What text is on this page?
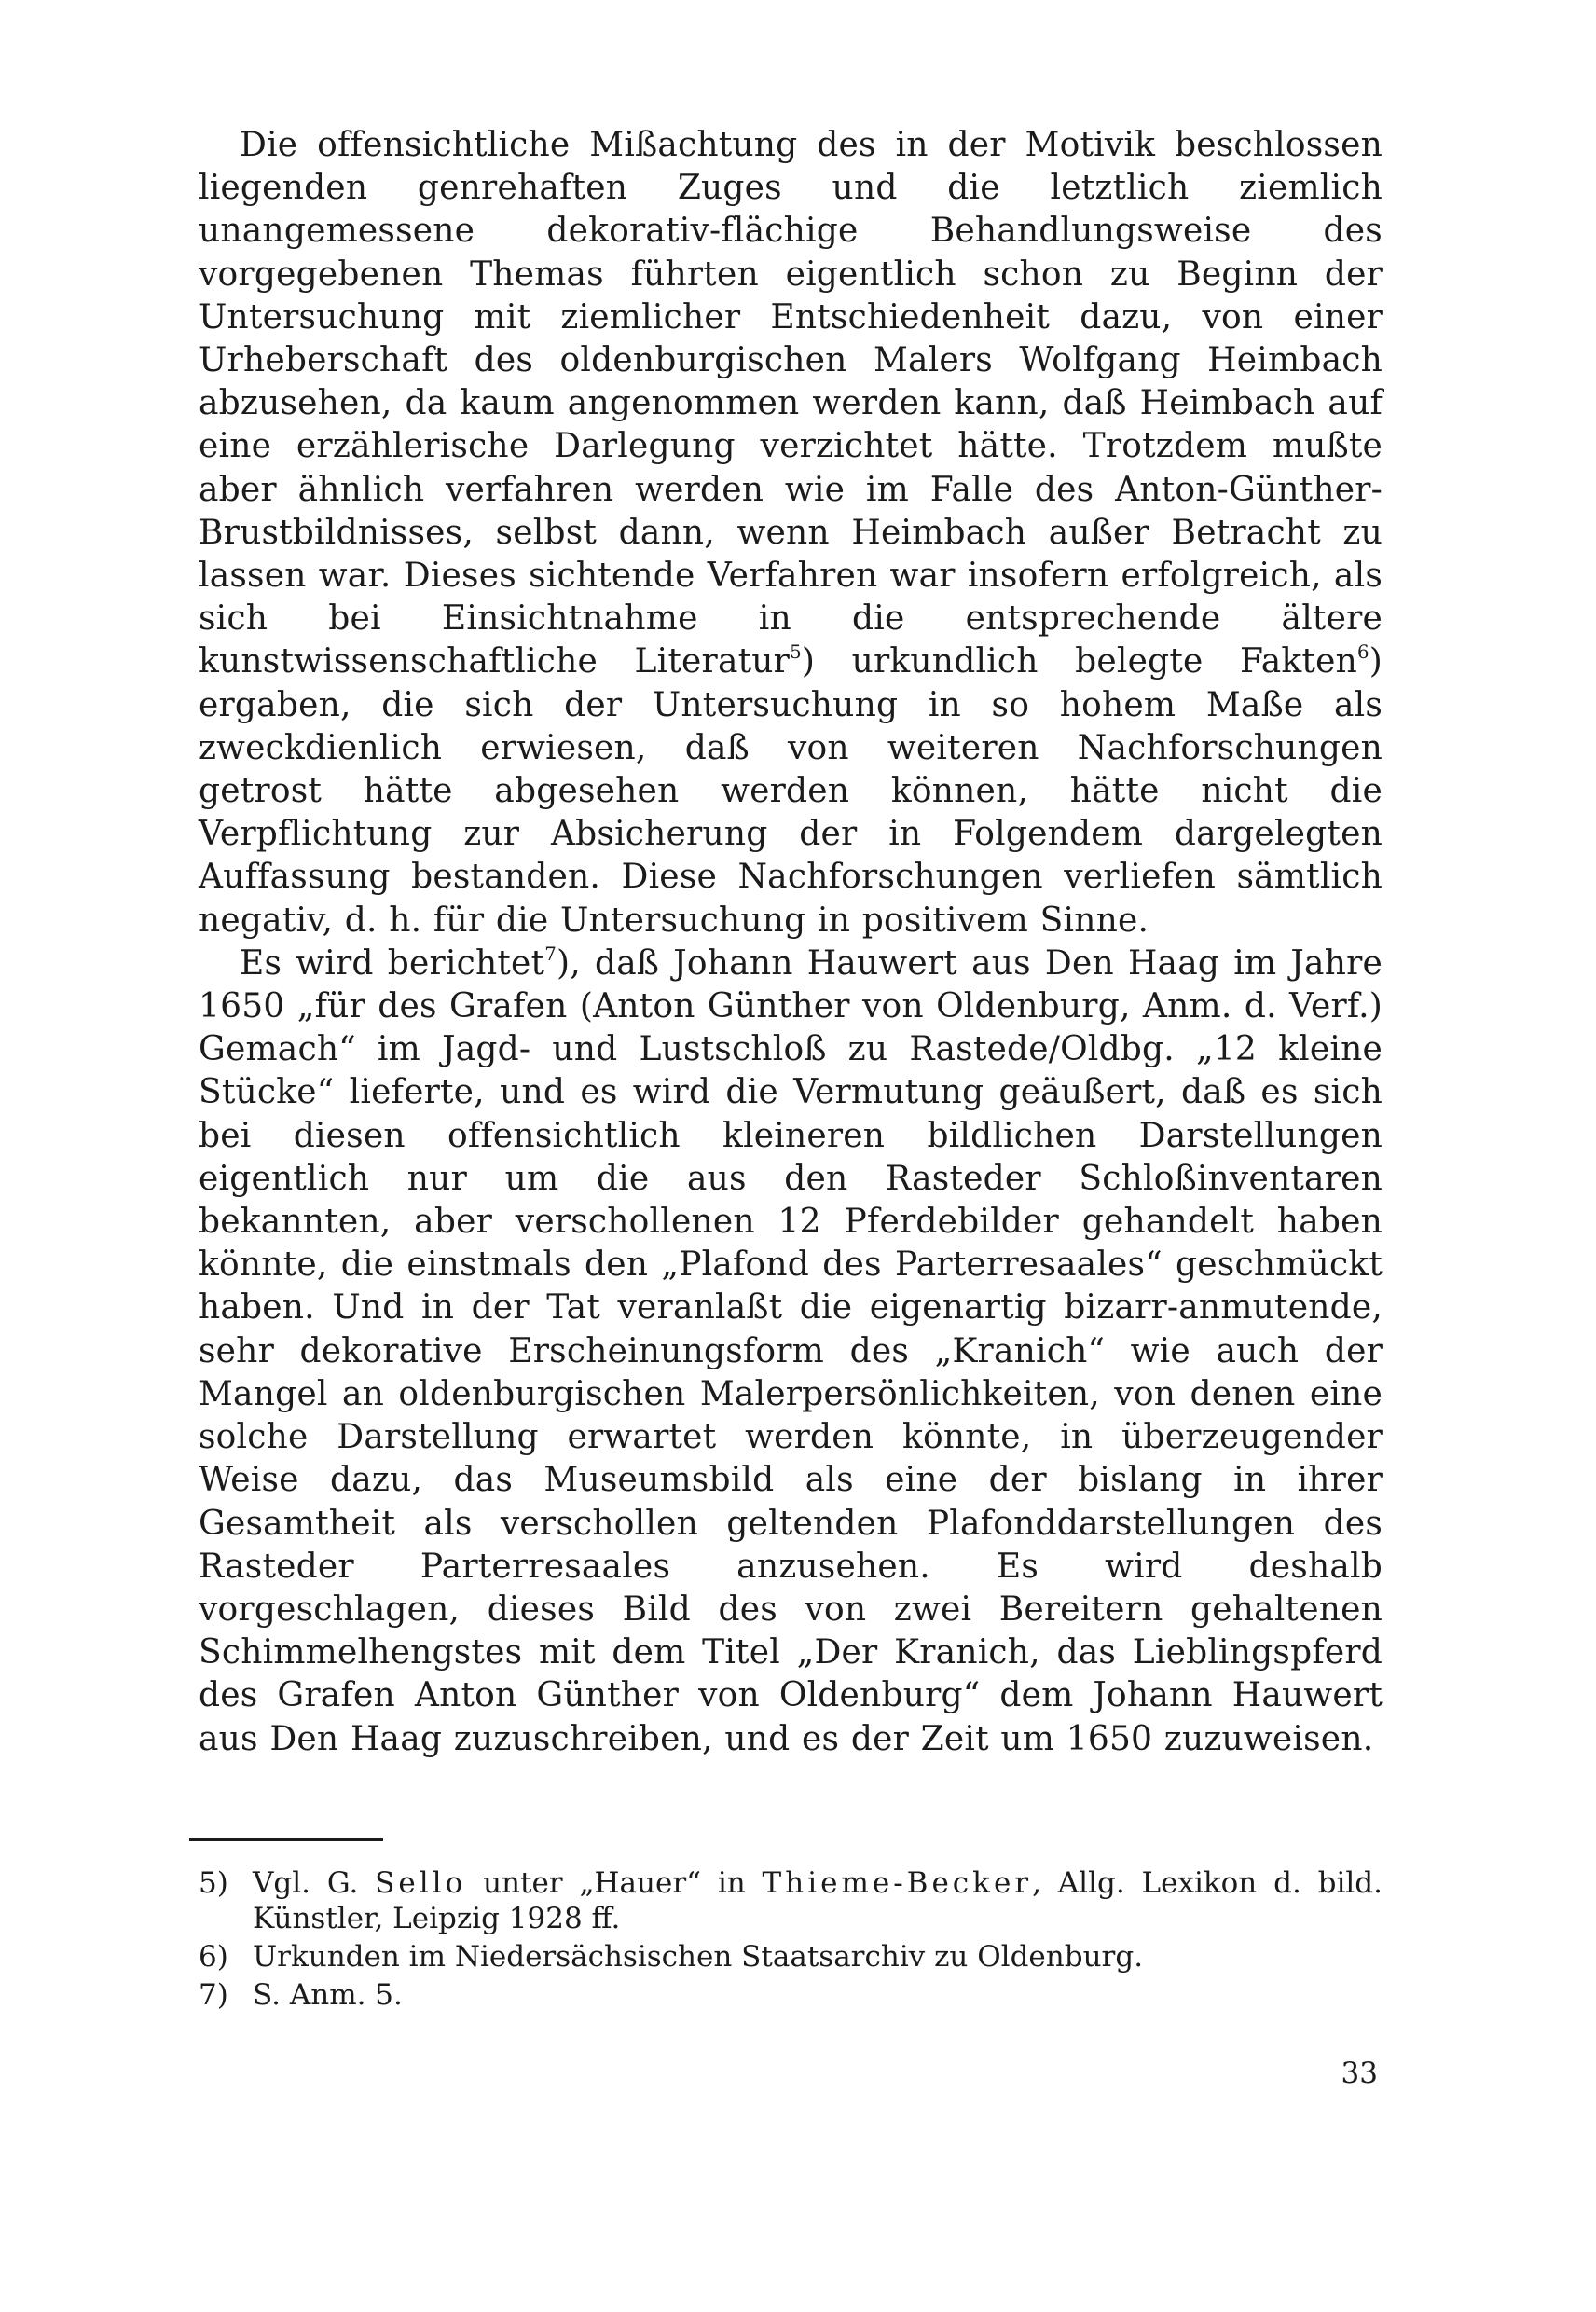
Die offensichtliche Mißachtung des in der Motivik beschlossen liegenden genrehaften Zuges und die letztlich ziemlich unangemessene dekorativ-flächige Behandlungsweise des vorgegebenen Themas führten eigentlich schon zu Beginn der Untersuchung mit ziemlicher Entschiedenheit dazu, von einer Urheberschaft des oldenburgischen Malers Wolfgang Heimbach abzusehen, da kaum angenommen werden kann, daß Heimbach auf eine erzählerische Darlegung verzichtet hätte. Trotzdem mußte aber ähnlich verfahren werden wie im Falle des Anton-Günther-Brustbildnisses, selbst dann, wenn Heimbach außer Betracht zu lassen war. Dieses sichtende Verfahren war insofern erfolgreich, als sich bei Einsichtnahme in die entsprechende ältere kunstwissenschaftliche Literatur$^5$) urkundlich belegte Fakten$^6$) ergaben, die sich der Untersuchung in so hohem Maße als zweckdienlich erwiesen, daß von weiteren Nachforschungen getrost hätte abgesehen werden können, hätte nicht die Verpflichtung zur Absicherung der in Folgendem dargelegten Auffassung bestanden. Diese Nachforschungen verliefen sämtlich negativ, d. h. für die Untersuchung in positivem Sinne.

Es wird berichtet$^7$), daß Johann Hauwert aus Den Haag im Jahre 1650 „für des Grafen (Anton Günther von Oldenburg, Anm. d. Verf.) Gemach“ im Jagd- und Lustschloß zu Rastede/Oldbg. „12 kleine Stücke“ lieferte, und es wird die Vermutung geäußert, daß es sich bei diesen offensichtlich kleineren bildlichen Darstellungen eigentlich nur um die aus den Rasteder Schloßinventaren bekannten, aber verschollenen 12 Pferdebilder gehandelt haben könnte, die einstmals den „Plafond des Parterresaales“ geschmückt haben. Und in der Tat veranlaßt die eigenartig bizarr-anmutende, sehr dekorative Erscheinungsform des „Kranich“ wie auch der Mangel an oldenburgischen Malerpersönlichkeiten, von denen eine solche Darstellung erwartet werden könnte, in überzeugender Weise dazu, das Museumsbild als eine der bislang in ihrer Gesamtheit als verschollen geltenden Plafonddarstellungen des Rasteder Parterresaales anzusehen. Es wird deshalb vorgeschlagen, dieses Bild des von zwei Bereitern gehaltenen Schimmelhengstes mit dem Titel „Der Kranich, das Lieblingspferd des Grafen Anton Günther von Oldenburg“ dem Johann Hauwert aus Den Haag zuzuschreiben, und es der Zeit um 1650 zuzuweisen.

5) Vgl. G. Sello unter „Hauer“ in Thieme-Becker, Allg. Lexikon d. bild. Künstler, Leipzig 1928 ff.
6) Urkunden im Niedersächsischen Staatsarchiv zu Oldenburg.
7) S. Anm. 5.
33
